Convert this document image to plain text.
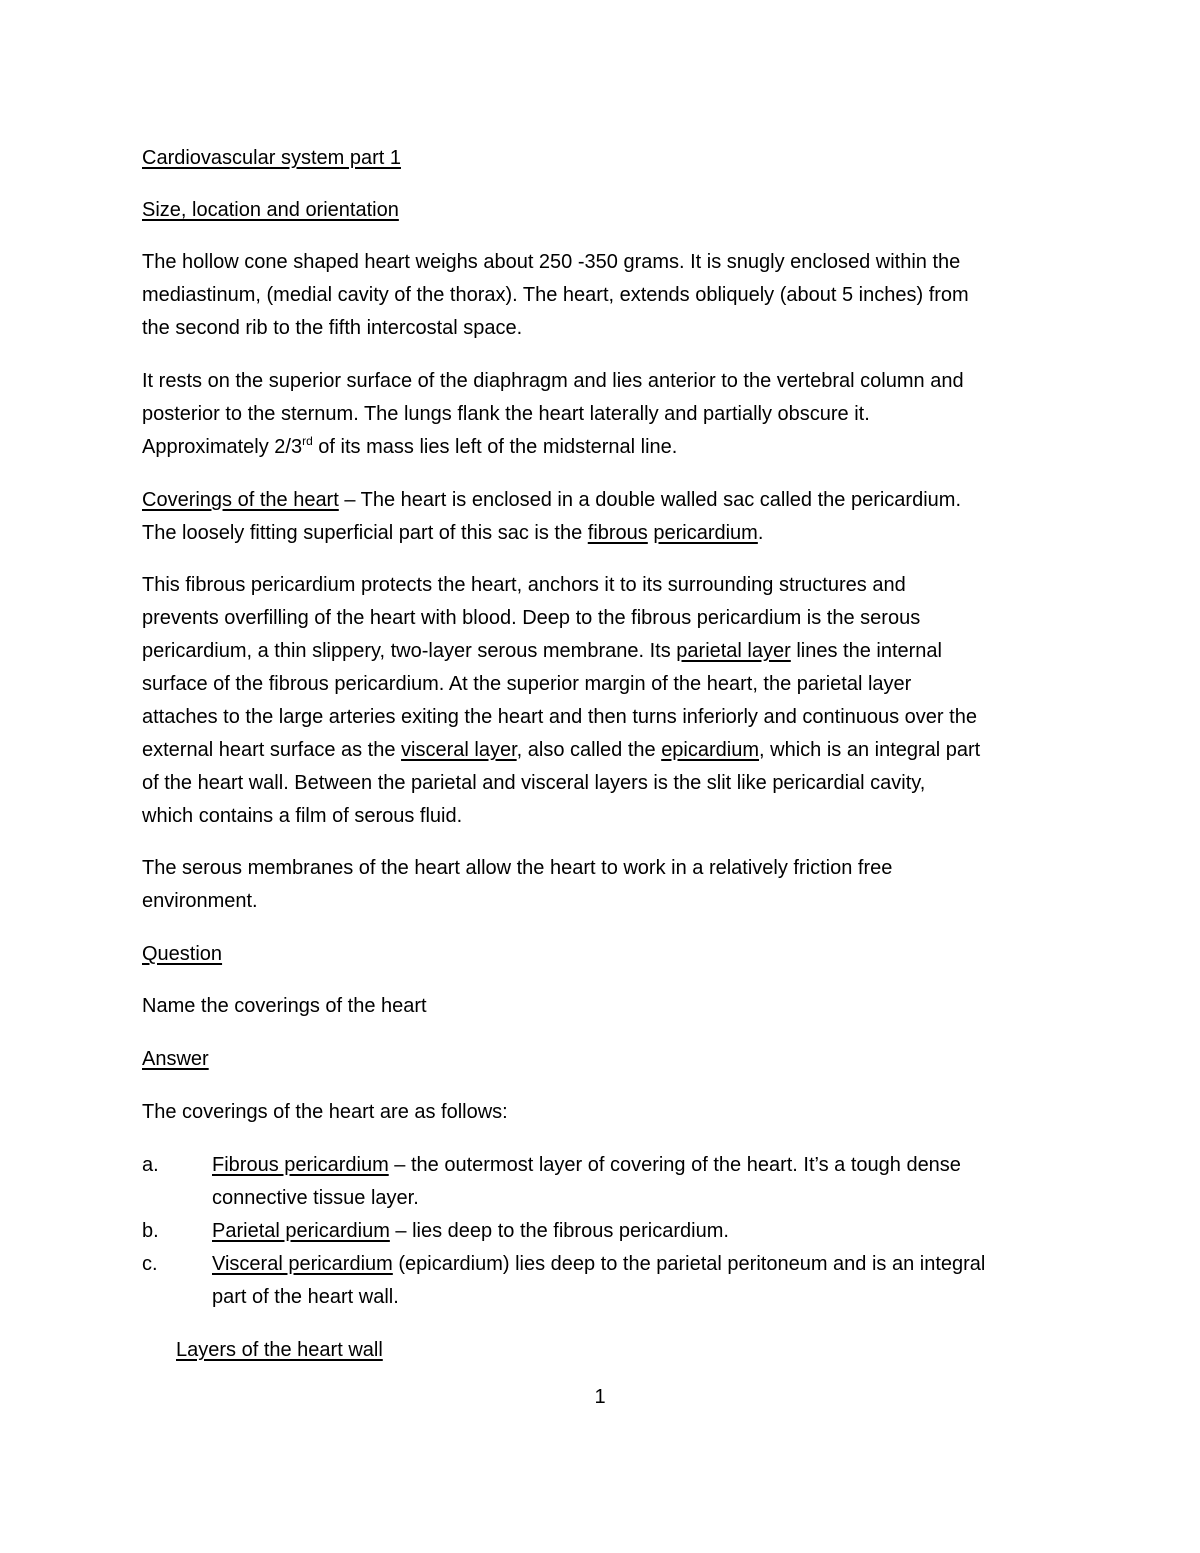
Cardiovascular system part 1
Size, location and orientation
The hollow cone shaped heart weighs about 250 -350 grams. It is snugly enclosed within the
mediastinum, (medial cavity of the thorax). The heart, extends obliquely (about 5 inches) from
the second rib to the fifth intercostal space.
It rests on the superior surface of the diaphragm and lies anterior to the vertebral column and
posterior to the sternum. The lungs flank the heart laterally and partially obscure it.
Approximately 2/3rd of its mass lies left of the midsternal line.
Coverings of the heart – The heart is enclosed in a double walled sac called the pericardium.
The loosely fitting superficial part of this sac is the fibrous pericardium.
This fibrous pericardium protects the heart, anchors it to its surrounding structures and
prevents overfilling of the heart with blood. Deep to the fibrous pericardium is the serous
pericardium, a thin slippery, two-layer serous membrane. Its parietal layer lines the internal
surface of the fibrous pericardium. At the superior margin of the heart, the parietal layer
attaches to the large arteries exiting the heart and then turns inferiorly and continuous over the
external heart surface as the visceral layer, also called the epicardium, which is an integral part
of the heart wall. Between the parietal and visceral layers is the slit like pericardial cavity,
which contains a film of serous fluid.
The serous membranes of the heart allow the heart to work in a relatively friction free
environment.
Question
Name the coverings of the heart
Answer
The coverings of the heart are as follows:
a.	Fibrous pericardium – the outermost layer of covering of the heart. It’s a tough dense
connective tissue layer.
b.	Parietal pericardium – lies deep to the fibrous pericardium.
c.	Visceral pericardium (epicardium) lies deep to the parietal peritoneum and is an integral
part of the heart wall.
Layers of the heart wall
1
